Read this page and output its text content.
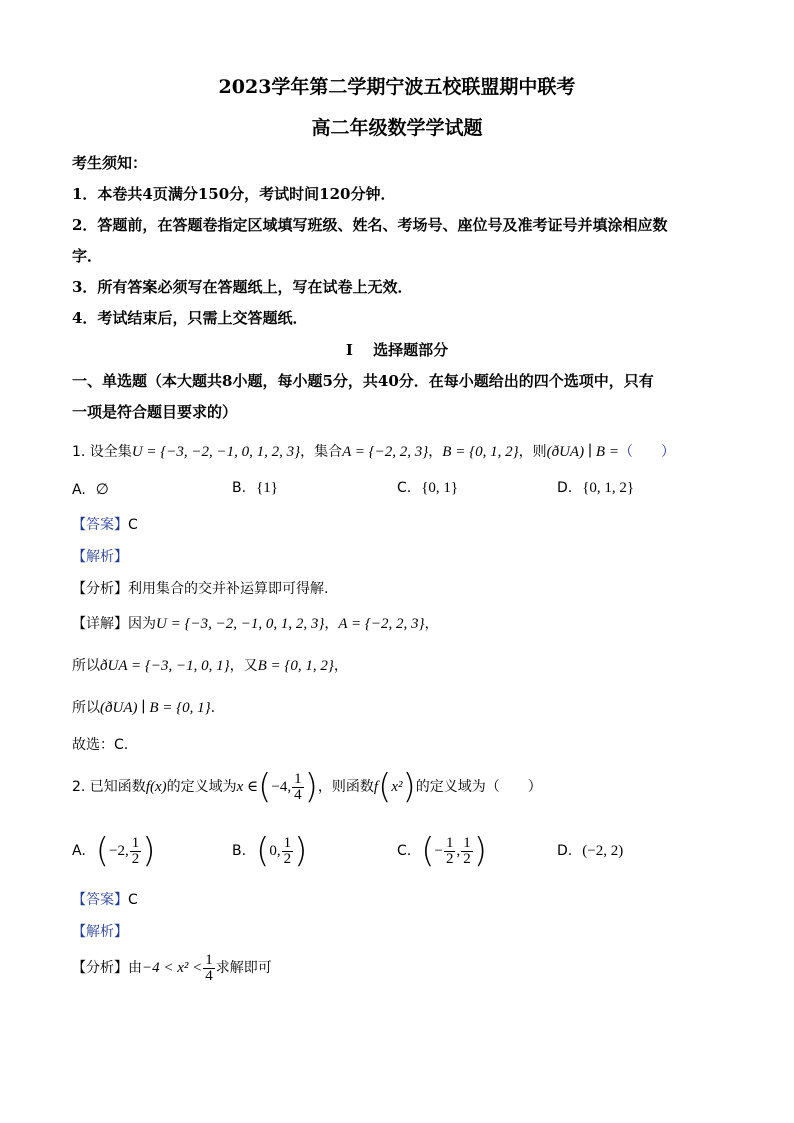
2023学年第二学期宁波五校联盟期中联考
高二年级数学学试题
考生须知：
1．本卷共4页满分150分，考试时间120分钟．
2．答题前，在答题卷指定区域填写班级、姓名、考场号、座位号及准考证号并填涂相应数
字．
3．所有答案必须写在答题纸上，写在试卷上无效．
4．考试结束后，只需上交答题纸．
I　 选择题部分
一、单选题（本大题共8小题，每小题5分，共40分．在每小题给出的四个选项中，只有
一项是符合题目要求的）
1. 设全集U = {−3, −2, −1, 0, 1, 2, 3}，集合A = {−2, 2, 3}，B = {0, 1, 2}，则(ðUA) ∣ B =（　　）
A. ∅	B. {1}	C. {0, 1}	D. {0, 1, 2}
【答案】C
【解析】
【分析】利用集合的交并补运算即可得解.
【详解】因为U = {−3, −2, −1, 0, 1, 2, 3}，A = {−2, 2, 3}，
所以ðUA = {−3, −1, 0, 1}，又B = {0, 1, 2}，
所以(ðUA) ∣ B = {0, 1}.
故选：C.
2. 已知函数f(x)的定义域为x ∈(−4, $\frac{1}{4}$ )，则函数f(x²)的定义域为（　　）
A. (−2, $\frac{1}{2}$ )	B. (0, $\frac{1}{2}$ )	C. (− $\frac{1}{2}$ , $\frac{1}{2}$ )	D. (−2, 2)
【答案】C
【解析】
【分析】由$-4 < x^2 < \frac{1}{4}$ 求解即可
